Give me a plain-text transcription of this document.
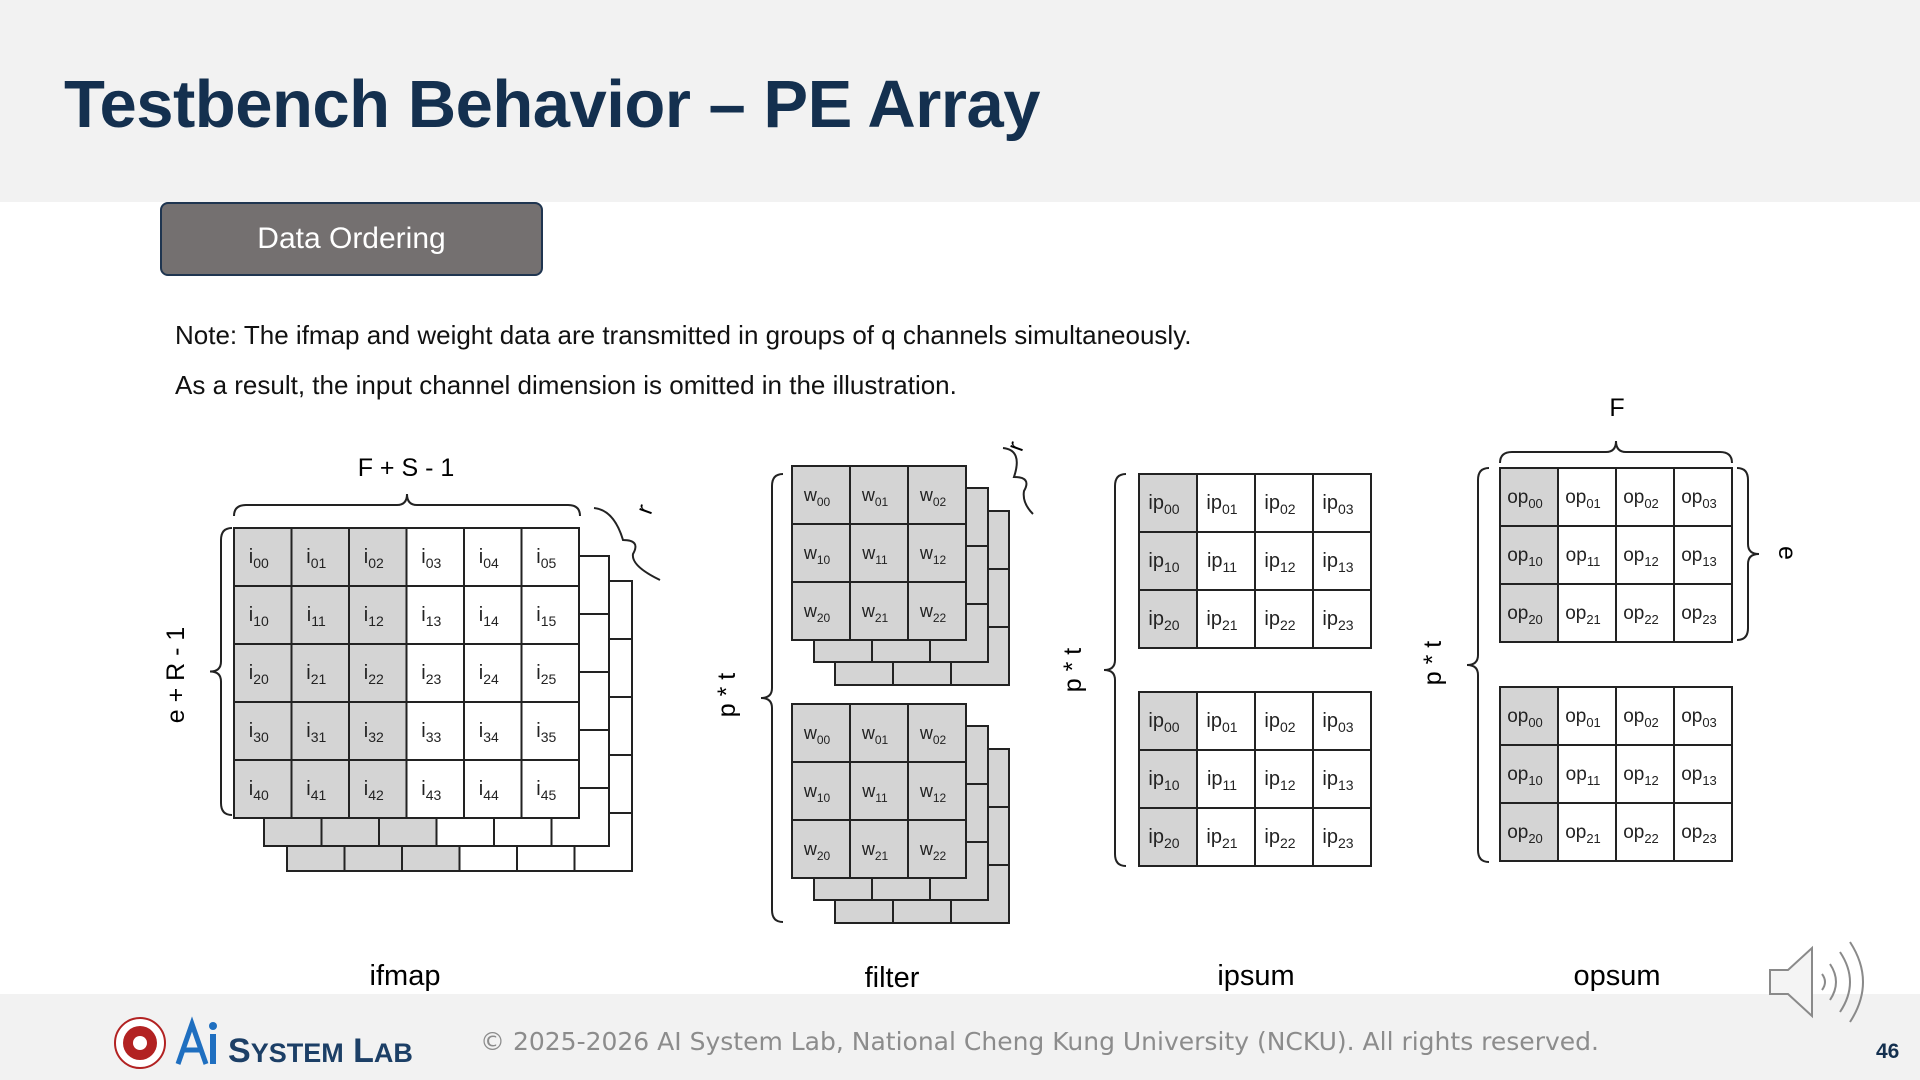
Testbench Behavior – PE Array
Data Ordering
Note: The ifmap and weight data are transmitted in groups of q channels simultaneously.
As a result, the input channel dimension is omitted in the illustration.
ifmap	filter	ipsum	opsum
F + S - 1
e + R - 1
r
r
p * t
p * t
F
p * t
e
$i_{00}$ $i_{01}$ $i_{02}$ $i_{03}$ $i_{04}$ $i_{05}$
$i_{10}$ $i_{11}$ $i_{12}$ $i_{13}$ $i_{14}$ $i_{15}$
$i_{20}$ $i_{21}$ $i_{22}$ $i_{23}$ $i_{24}$ $i_{25}$
$i_{30}$ $i_{31}$ $i_{32}$ $i_{33}$ $i_{34}$ $i_{35}$
$i_{40}$ $i_{41}$ $i_{42}$ $i_{43}$ $i_{44}$ $i_{45}$
$w_{00}$ $w_{01}$ $w_{02}$
$w_{10}$ $w_{11}$ $w_{12}$
$w_{20}$ $w_{21}$ $w_{22}$
$w_{00}$ $w_{01}$ $w_{02}$
$w_{10}$ $w_{11}$ $w_{12}$
$w_{20}$ $w_{21}$ $w_{22}$
$ip_{00}$ $ip_{01}$ $ip_{02}$ $ip_{03}$
$ip_{10}$ $ip_{11}$ $ip_{12}$ $ip_{13}$
$ip_{20}$ $ip_{21}$ $ip_{22}$ $ip_{23}$
$ip_{00}$ $ip_{01}$ $ip_{02}$ $ip_{03}$
$ip_{10}$ $ip_{11}$ $ip_{12}$ $ip_{13}$
$ip_{20}$ $ip_{21}$ $ip_{22}$ $ip_{23}$
$op_{00}$ $op_{01}$ $op_{02}$ $op_{03}$
$op_{10}$ $op_{11}$ $op_{12}$ $op_{13}$
$op_{20}$ $op_{21}$ $op_{22}$ $op_{23}$
$op_{00}$ $op_{01}$ $op_{02}$ $op_{03}$
$op_{10}$ $op_{11}$ $op_{12}$ $op_{13}$
$op_{20}$ $op_{21}$ $op_{22}$ $op_{23}$
SYSTEM LAB	© 2025-2026 AI System Lab, National Cheng Kung University (NCKU). All rights reserved.	46
